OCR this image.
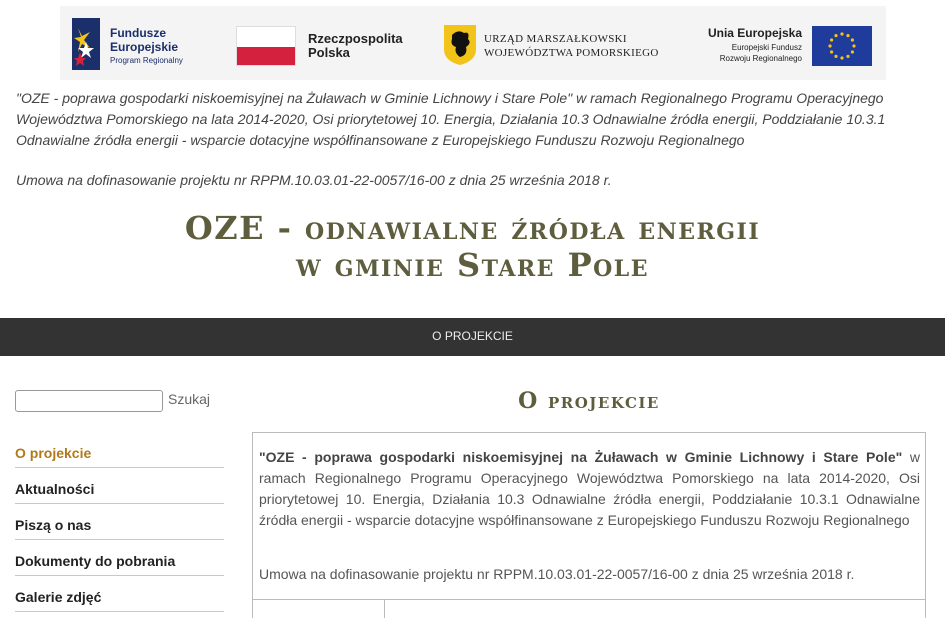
Fundusze
Europejskie
Program Regionalny
Rzeczpospolita
Polska
URZĄD MARSZAŁKOWSKI
WOJEWÓDZTWA POMORSKIEGO
Unia Europejska
Europejski Fundusz
Rozwoju Regionalnego

"OZE - poprawa gospodarki niskoemisyjnej na Żuławach w Gminie Lichnowy i Stare Pole" w ramach Regionalnego Programu Operacyjnego Województwa Pomorskiego na lata 2014-2020, Osi priorytetowej 10. Energia, Działania 10.3 Odnawialne źródła energii, Poddziałanie 10.3.1 Odnawialne źródła energii - wsparcie dotacyjne współfinansowane z Europejskiego Funduszu Rozwoju Regionalnego

Umowa na dofinasowanie projektu nr RPPM.10.03.01-22-0057/16-00 z dnia 25 września 2018 r.

OZE - odnawialne źródła energii
w gminie Stare Pole
O PROJEKCIE
Szukaj
O projekcie
Aktualności
Piszą o nas
Dokumenty do pobrania
Galerie zdjęć
O projekcie

"OZE - poprawa gospodarki niskoemisyjnej na Żuławach w Gminie Lichnowy i Stare Pole" w ramach Regionalnego Programu Operacyjnego Województwa Pomorskiego na lata 2014-2020, Osi priorytetowej 10. Energia, Działania 10.3 Odnawialne źródła energii, Poddziałanie 10.3.1 Odnawialne źródła energii - wsparcie dotacyjne współfinansowane z Europejskiego Funduszu Rozwoju Regionalnego

Umowa na dofinasowanie projektu nr RPPM.10.03.01-22-0057/16-00 z dnia 25 września 2018 r.
